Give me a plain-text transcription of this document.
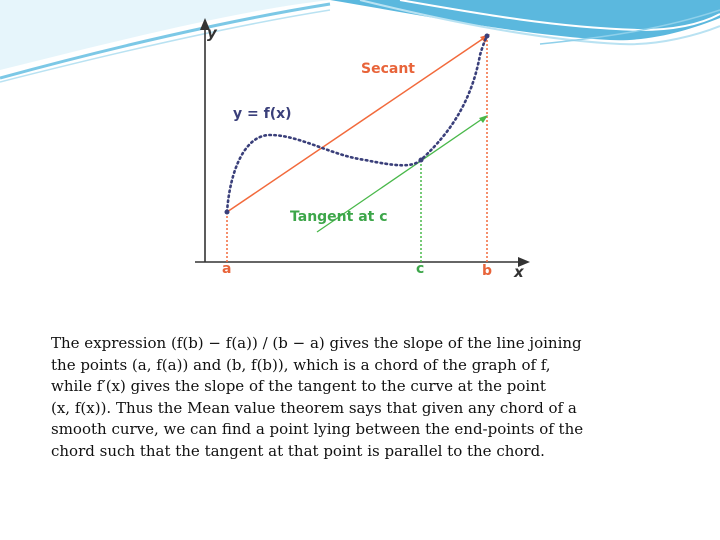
y
x
y = f(x)
Secant
Tangent at c
a	c	b

The expression (f(b) − f(a)) / (b − a) gives the slope of the line joining
the points (a, f(a)) and (b, f(b)), which is a chord of the graph of f,
while f′(x) gives the slope of the tangent to the curve at the point
(x, f(x)). Thus the Mean value theorem says that given any chord of a
smooth curve, we can find a point lying between the end-points of the
chord such that the tangent at that point is parallel to the chord.
